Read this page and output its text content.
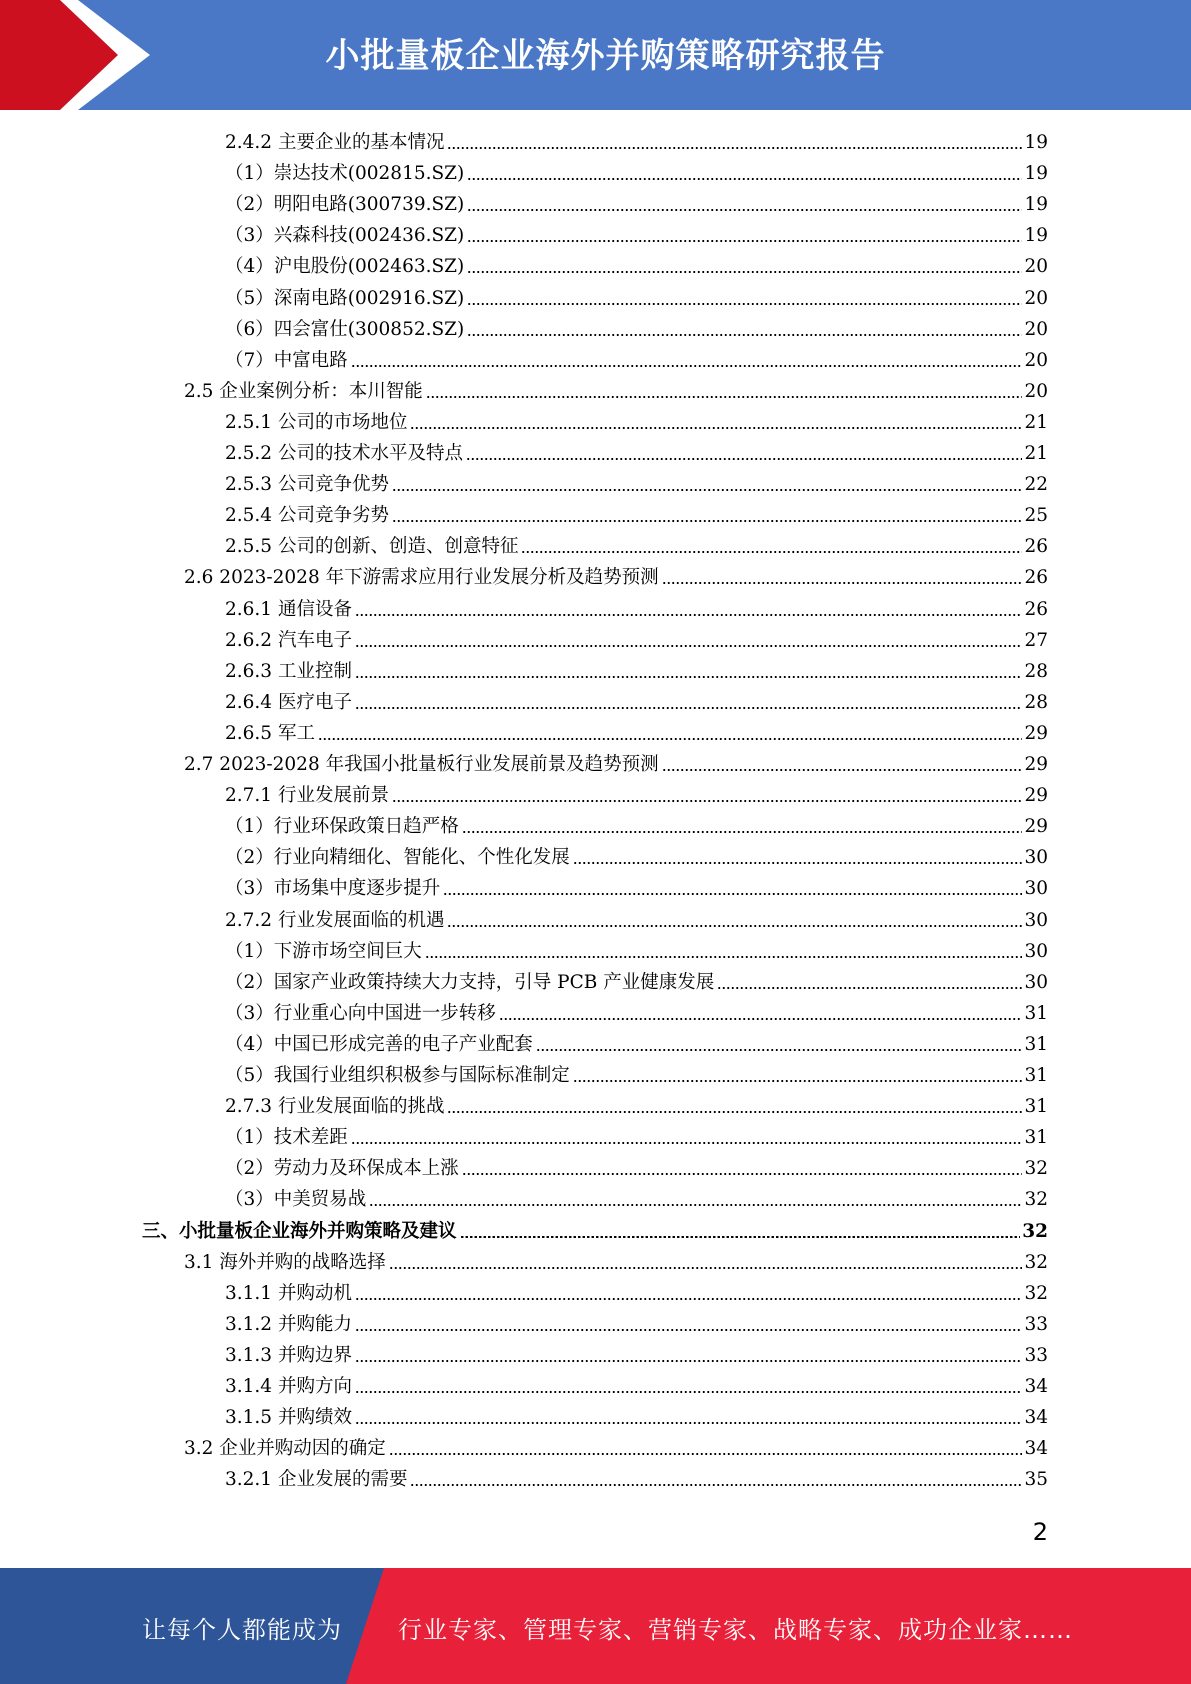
小批量板企业海外并购策略研究报告
2.4.2 主要企业的基本情况	19
（1）崇达技术(002815.SZ)	19
（2）明阳电路(300739.SZ)	19
（3）兴森科技(002436.SZ)	19
（4）沪电股份(002463.SZ)	20
（5）深南电路(002916.SZ)	20
（6）四会富仕(300852.SZ)	20
（7）中富电路	20
2.5 企业案例分析：本川智能	20
2.5.1 公司的市场地位	21
2.5.2 公司的技术水平及特点	21
2.5.3 公司竞争优势	22
2.5.4 公司竞争劣势	25
2.5.5 公司的创新、创造、创意特征	26
2.6 2023-2028 年下游需求应用行业发展分析及趋势预测	26
2.6.1 通信设备	26
2.6.2 汽车电子	27
2.6.3 工业控制	28
2.6.4 医疗电子	28
2.6.5 军工	29
2.7 2023-2028 年我国小批量板行业发展前景及趋势预测	29
2.7.1 行业发展前景	29
（1）行业环保政策日趋严格	29
（2）行业向精细化、智能化、个性化发展	30
（3）市场集中度逐步提升	30
2.7.2 行业发展面临的机遇	30
（1）下游市场空间巨大	30
（2）国家产业政策持续大力支持，引导 PCB 产业健康发展	30
（3）行业重心向中国进一步转移	31
（4）中国已形成完善的电子产业配套	31
（5）我国行业组织积极参与国际标准制定	31
2.7.3 行业发展面临的挑战	31
（1）技术差距	31
（2）劳动力及环保成本上涨	32
（3）中美贸易战	32
三、小批量板企业海外并购策略及建议	32
3.1 海外并购的战略选择	32
3.1.1 并购动机	32
3.1.2 并购能力	33
3.1.3 并购边界	33
3.1.4 并购方向	34
3.1.5 并购绩效	34
3.2 企业并购动因的确定	34
3.2.1 企业发展的需要	35
2
让每个人都能成为 行业专家、管理专家、营销专家、战略专家、成功企业家……
